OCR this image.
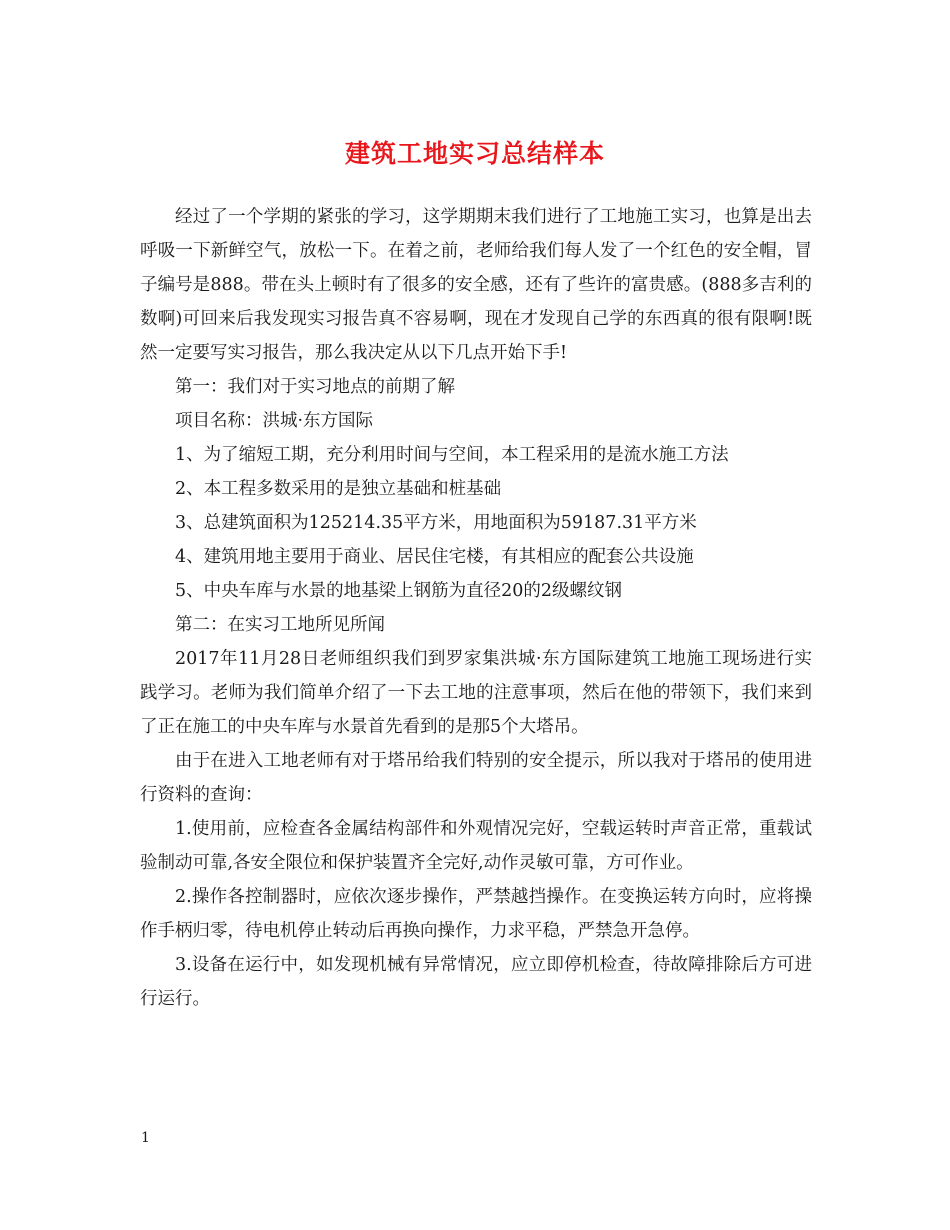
建筑工地实习总结样本

经过了一个学期的紧张的学习，这学期期末我们进行了工地施工实习，也算是出去呼吸一下新鲜空气，放松一下。在着之前，老师给我们每人发了一个红色的安全帽，冒子编号是888。带在头上顿时有了很多的安全感，还有了些许的富贵感。(888多吉利的数啊)可回来后我发现实习报告真不容易啊，现在才发现自己学的东西真的很有限啊!既然一定要写实习报告，那么我决定从以下几点开始下手!

第一：我们对于实习地点的前期了解

项目名称：洪城·东方国际

1、为了缩短工期，充分利用时间与空间，本工程采用的是流水施工方法

2、本工程多数采用的是独立基础和桩基础

3、总建筑面积为125214.35平方米，用地面积为59187.31平方米

4、建筑用地主要用于商业、居民住宅楼，有其相应的配套公共设施

5、中央车库与水景的地基梁上钢筋为直径20的2级螺纹钢

第二：在实习工地所见所闻

2017年11月28日老师组织我们到罗家集洪城·东方国际建筑工地施工现场进行实践学习。老师为我们简单介绍了一下去工地的注意事项，然后在他的带领下，我们来到了正在施工的中央车库与水景首先看到的是那5个大塔吊。

由于在进入工地老师有对于塔吊给我们特别的安全提示，所以我对于塔吊的使用进行资料的查询：

1.使用前，应检查各金属结构部件和外观情况完好，空载运转时声音正常，重载试验制动可靠,各安全限位和保护装置齐全完好,动作灵敏可靠，方可作业。

2.操作各控制器时，应依次逐步操作，严禁越挡操作。在变换运转方向时，应将操作手柄归零，待电机停止转动后再换向操作，力求平稳，严禁急开急停。

3.设备在运行中，如发现机械有异常情况，应立即停机检查，待故障排除后方可进行运行。

1
